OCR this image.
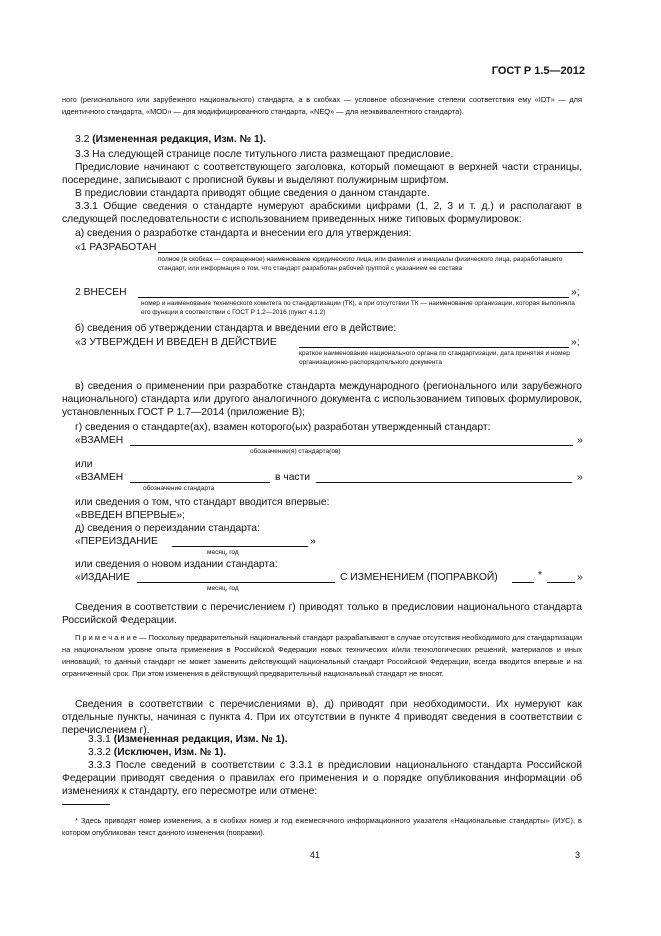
ГОСТ Р 1.5—2012
ного (регионального или зарубежного национального) стандарта, а в скобках — условное обозначение степени соответствия ему «IDT» — для идентичного стандарта, «MOD» — для модифицированного стандарта, «NEQ» — для неэквивалентного стандарта).
3.2 (Измененная редакция, Изм. № 1).
3.3 На следующей странице после титульного листа размещают предисловие.
Предисловие начинают с соответствующего заголовка, который помещают в верхней части страницы, посередине, записывают с прописной буквы и выделяют полужирным шрифтом.
В предисловии стандарта приводят общие сведения о данном стандарте.
3.3.1 Общие сведения о стандарте нумеруют арабскими цифрами (1, 2, 3 и т. д.) и располагают в следующей последовательности с использованием приведенных ниже типовых формулировок:
а) сведения о разработке стандарта и внесении его для утверждения:
«1 РАЗРАБОТАН
полное (в скобках — сокращенное) наименование юридического лица, или фамилия и инициалы физического лица, разработавшего стандарт, или информация о том, что стандарт разработан рабочей группой с указанием ее состава
2 ВНЕСЕН	»;
номер и наименование технического комитета по стандартизации (ТК), а при отсутствии ТК — наименование организации, которая выполняла его функции в соответствии с ГОСТ Р 1.2—2016 (пункт 4.1.2)
б) сведения об утверждении стандарта и введении его в действие:
«3 УТВЕРЖДЕН И ВВЕДЕН В ДЕЙСТВИЕ	»;
краткое наименование национального органа по стандартизации, дата принятия и номер организационно-распорядительного документа
в) сведения о применении при разработке стандарта международного (регионального или зарубежного национального) стандарта или другого аналогичного документа с использованием типовых формулировок, установленных ГОСТ Р 1.7—2014 (приложение В);
г) сведения о стандарте(ах), взамен которого(ых) разработан утвержденный стандарт:
«ВЗАМЕН	»
обозначение(я) стандарта(ов)
или
«ВЗАМЕН	в части	»
обозначение стандарта
или сведения о том, что стандарт вводится впервые:
«ВВЕДЕН ВПЕРВЫЕ»;
д) сведения о переиздании стандарта:
«ПЕРЕИЗДАНИЕ	»
месяц, год
или сведения о новом издании стандарта:
«ИЗДАНИЕ	С ИЗМЕНЕНИЕМ (ПОПРАВКОЙ)	*	»
месяц, год
Сведения в соответствии с перечислением г) приводят только в предисловии национального стандарта Российской Федерации.
П р и м е ч а н и е — Поскольку предварительный национальный стандарт разрабатывают в случае отсутствия необходимого для стандартизации на национальном уровне опыта применения в Российской Федерации новых технических и/или технологических решений, материалов и иных инноваций, то данный стандарт не может заменить действующий национальный стандарт Российской Федерации, всегда вводится впервые и на ограниченный срок. При этом изменения в действующий предварительный национальный стандарт не вносят.
Сведения в соответствии с перечислениями в), д) приводят при необходимости. Их нумеруют как отдельные пункты, начиная с пункта 4. При их отсутствии в пункте 4 приводят сведения в соответствии с перечислением г).
3.3.1 (Измененная редакция, Изм. № 1).
3.3.2 (Исключен, Изм. № 1).
3.3.3 После сведений в соответствии с 3.3.1 в предисловии национального стандарта Российской Федерации приводят сведения о правилах его применения и о порядке опубликования информации об изменениях к стандарту, его пересмотре или отмене:
* Здесь приводят номер изменения, а в скобках номер и год ежемесячного информационного указателя «Национальные стандарты» (ИУС), в котором опубликован текст данного изменения (поправки).
41	3
